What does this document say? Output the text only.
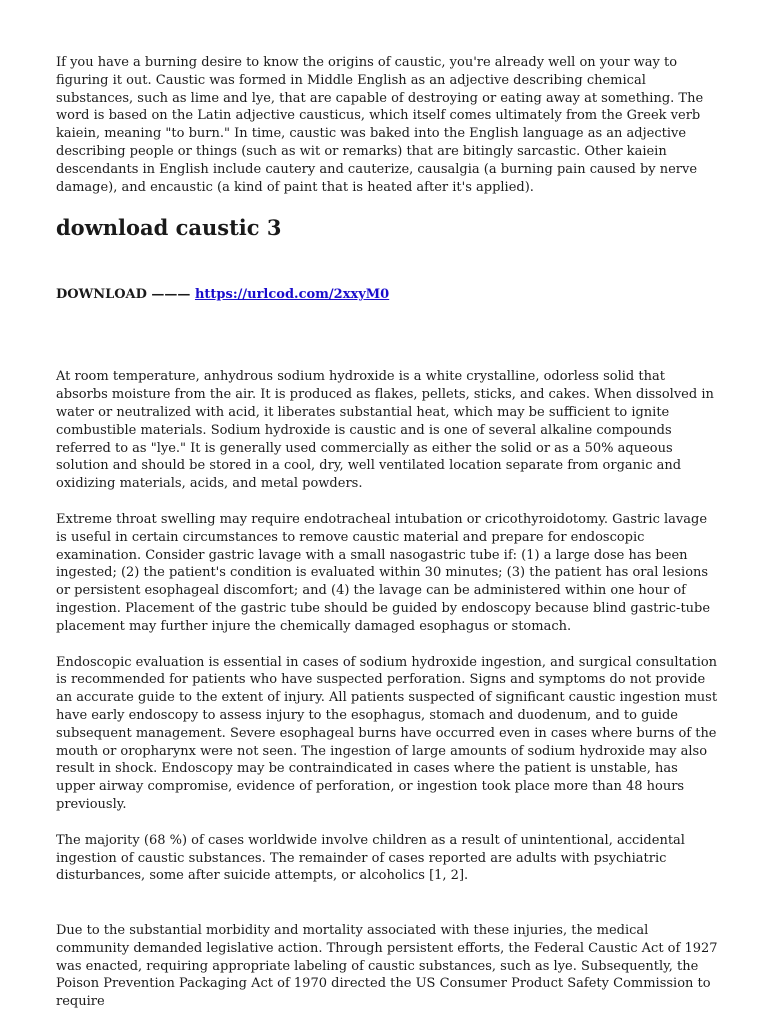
If you have a burning desire to know the origins of caustic, you're already well on your way to figuring it out. Caustic was formed in Middle English as an adjective describing chemical substances, such as lime and lye, that are capable of destroying or eating away at something. The word is based on the Latin adjective causticus, which itself comes ultimately from the Greek verb kaiein, meaning "to burn." In time, caustic was baked into the English language as an adjective describing people or things (such as wit or remarks) that are bitingly sarcastic. Other kaiein descendants in English include cautery and cauterize, causalgia (a burning pain caused by nerve damage), and encaustic (a kind of paint that is heated after it's applied).

download caustic 3
DOWNLOAD ——— https://urlcod.com/2xxyM0

At room temperature, anhydrous sodium hydroxide is a white crystalline, odorless solid that absorbs moisture from the air. It is produced as flakes, pellets, sticks, and cakes. When dissolved in water or neutralized with acid, it liberates substantial heat, which may be sufficient to ignite combustible materials. Sodium hydroxide is caustic and is one of several alkaline compounds referred to as "lye." It is generally used commercially as either the solid or as a 50% aqueous solution and should be stored in a cool, dry, well ventilated location separate from organic and oxidizing materials, acids, and metal powders.

Extreme throat swelling may require endotracheal intubation or cricothyroidotomy. Gastric lavage is useful in certain circumstances to remove caustic material and prepare for endoscopic examination. Consider gastric lavage with a small nasogastric tube if: (1) a large dose has been ingested; (2) the patient's condition is evaluated within 30 minutes; (3) the patient has oral lesions or persistent esophageal discomfort; and (4) the lavage can be administered within one hour of ingestion. Placement of the gastric tube should be guided by endoscopy because blind gastric-tube placement may further injure the chemically damaged esophagus or stomach.

Endoscopic evaluation is essential in cases of sodium hydroxide ingestion, and surgical consultation is recommended for patients who have suspected perforation. Signs and symptoms do not provide an accurate guide to the extent of injury. All patients suspected of significant caustic ingestion must have early endoscopy to assess injury to the esophagus, stomach and duodenum, and to guide subsequent management. Severe esophageal burns have occurred even in cases where burns of the mouth or oropharynx were not seen. The ingestion of large amounts of sodium hydroxide may also result in shock. Endoscopy may be contraindicated in cases where the patient is unstable, has upper airway compromise, evidence of perforation, or ingestion took place more than 48 hours previously.

The majority (68 %) of cases worldwide involve children as a result of unintentional, accidental ingestion of caustic substances. The remainder of cases reported are adults with psychiatric disturbances, some after suicide attempts, or alcoholics [1, 2].

Due to the substantial morbidity and mortality associated with these injuries, the medical community demanded legislative action. Through persistent efforts, the Federal Caustic Act of 1927 was enacted, requiring appropriate labeling of caustic substances, such as lye. Subsequently, the Poison Prevention Packaging Act of 1970 directed the US Consumer Product Safety Commission to require
